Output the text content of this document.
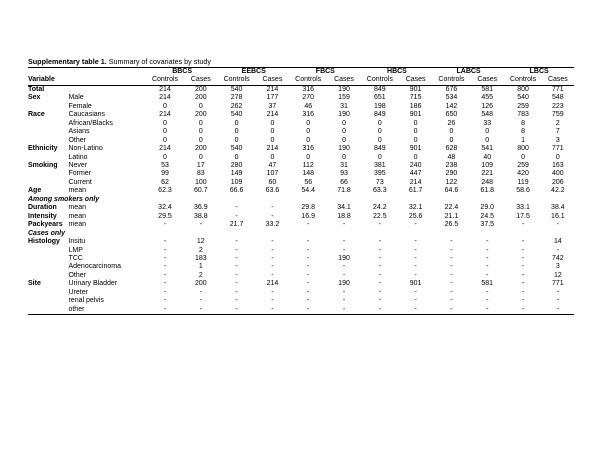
Supplementary table 1. Summary of covariates by study
		BBCS		EEBCS		FBCS		HBCS		LABCS		LBCS	
Variable		Controls	Cases	Controls	Cases	Controls	Cases	Controls	Cases	Controls	Cases	Controls	Cases
Total		214	200	540	214	316	190	849	901	676	581	800	771
Sex	Male	214	200	278	177	270	159	651	715	534	455	540	548
	Female	0	0	262	37	46	31	198	186	142	126	259	223
Race	Caucasians	214	200	540	214	316	190	849	901	650	548	783	759
	African/Blacks	0	0	0	0	0	0	0	0	26	33	8	2
	Asians	0	0	0	0	0	0	0	0	0	0	8	7
	Other	0	0	0	0	0	0	0	0	0	0	1	3
Ethnicity	Non-Latino	214	200	540	214	316	190	849	901	628	541	800	771
	Latino	0	0	0	0	0	0	0	0	48	40	0	0
Smoking	Never	53	17	280	47	112	31	381	240	238	109	259	163
	Former	99	83	149	107	148	93	395	447	290	221	420	400
	Current	62	100	109	60	56	66	73	214	122	248	119	206
Age	mean	62.3	60.7	66.6	63.6	54.4	71.8	63.3	61.7	64.6	61.8	58.6	42.2
Among smokers only													
Duration	mean	32.4	36.9	-	-	29.8	34.1	24.2	32.1	22.4	29.0	33.1	38.4
Intensity	mean	29.5	38.8	-	-	16.9	18.8	22.5	25.6	21.1	24.5	17.5	16.1
Packyears	mean	-	-	21.7	33.2	-	-	-	-	26.5	37.5	-	-
Cases only													
Histology	Insitu	-	12	-	-	-	-	-	-	-	-	-	14
	LMP	-	2	-	-	-	-	-	-	-	-	-	-
	TCC	-	183	-	-	-	190	-	-	-	-	-	742
	Adenocarcinoma	-	1	-	-	-	-	-	-	-	-	-	3
	Other	-	2	-	-	-	-	-	-	-	-	-	12
Site	Urinary Bladder	-	200	-	214	-	190	-	901	-	581	-	771
	Ureter	-	-	-	-	-	-	-	-	-	-	-	-
	renal pelvis	-	-	-	-	-	-	-	-	-	-	-	-
	other	-	-	-	-	-	-	-	-	-	-	-	-
